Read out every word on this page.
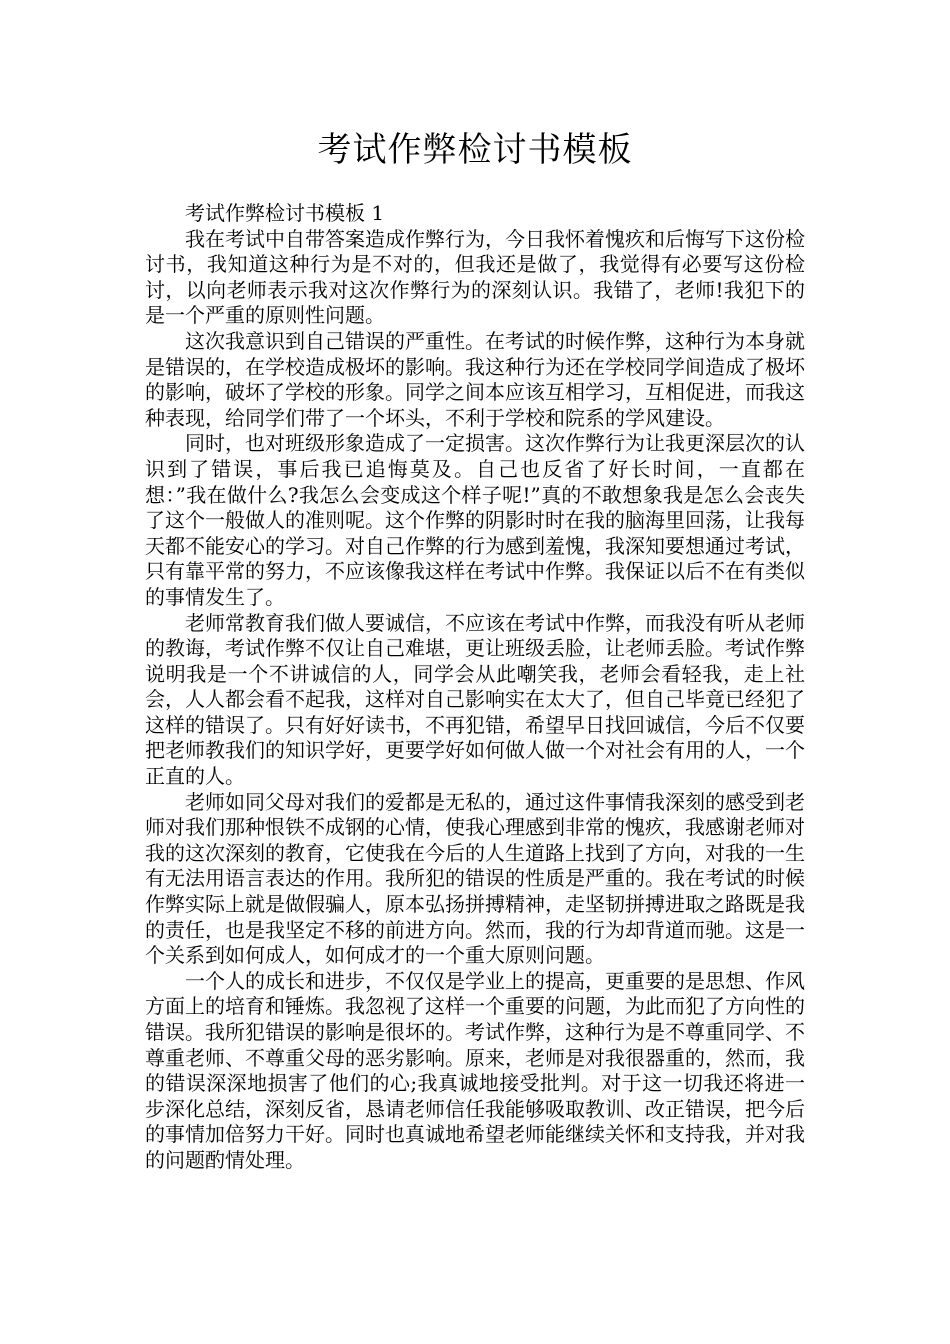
考试作弊检讨书模板

考试作弊检讨书模板 1

我在考试中自带答案造成作弊行为，今日我怀着愧疚和后悔写下这份检讨书，我知道这种行为是不对的，但我还是做了，我觉得有必要写这份检讨，以向老师表示我对这次作弊行为的深刻认识。我错了，老师!我犯下的是一个严重的原则性问题。

这次我意识到自己错误的严重性。在考试的时候作弊，这种行为本身就是错误的，在学校造成极坏的影响。我这种行为还在学校同学间造成了极坏的影响，破坏了学校的形象。同学之间本应该互相学习，互相促进，而我这种表现，给同学们带了一个坏头，不利于学校和院系的学风建设。

同时，也对班级形象造成了一定损害。这次作弊行为让我更深层次的认识到了错误，事后我已追悔莫及。自己也反省了好长时间，一直都在想：”我在做什么?我怎么会变成这个样子呢!”真的不敢想象我是怎么会丧失了这个一般做人的准则呢。这个作弊的阴影时时在我的脑海里回荡，让我每天都不能安心的学习。对自己作弊的行为感到羞愧，我深知要想通过考试，只有靠平常的努力，不应该像我这样在考试中作弊。我保证以后不在有类似的事情发生了。

老师常教育我们做人要诚信，不应该在考试中作弊，而我没有听从老师的教诲，考试作弊不仅让自己难堪，更让班级丢脸，让老师丢脸。考试作弊说明我是一个不讲诚信的人，同学会从此嘲笑我，老师会看轻我，走上社会，人人都会看不起我，这样对自己影响实在太大了，但自己毕竟已经犯了这样的错误了。只有好好读书，不再犯错，希望早日找回诚信，今后不仅要把老师教我们的知识学好，更要学好如何做人做一个对社会有用的人，一个正直的人。

老师如同父母对我们的爱都是无私的，通过这件事情我深刻的感受到老师对我们那种恨铁不成钢的心情，使我心理感到非常的愧疚，我感谢老师对我的这次深刻的教育，它使我在今后的人生道路上找到了方向，对我的一生有无法用语言表达的作用。我所犯的错误的性质是严重的。我在考试的时候作弊实际上就是做假骗人，原本弘扬拼搏精神，走坚韧拼搏进取之路既是我的责任，也是我坚定不移的前进方向。然而，我的行为却背道而驰。这是一个关系到如何成人，如何成才的一个重大原则问题。

一个人的成长和进步，不仅仅是学业上的提高，更重要的是思想、作风方面上的培育和锤炼。我忽视了这样一个重要的问题，为此而犯了方向性的错误。我所犯错误的影响是很坏的。考试作弊，这种行为是不尊重同学、不尊重老师、不尊重父母的恶劣影响。原来，老师是对我很器重的，然而，我的错误深深地损害了他们的心;我真诚地接受批判。对于这一切我还将进一步深化总结，深刻反省，恳请老师信任我能够吸取教训、改正错误，把今后的事情加倍努力干好。同时也真诚地希望老师能继续关怀和支持我，并对我的问题酌情处理。
